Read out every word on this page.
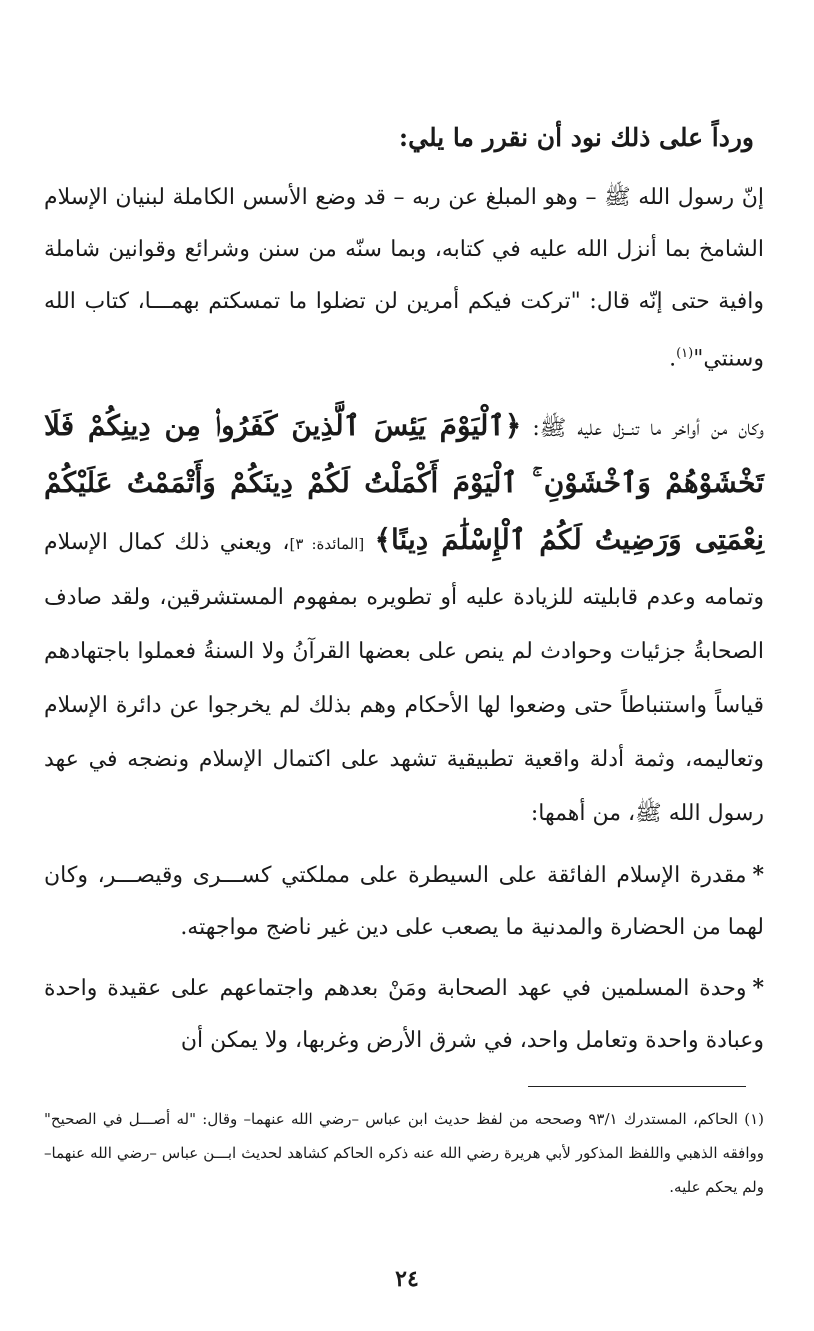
ورداً على ذلك نود أن نقرر ما يلي:

إنّ رسول الله ﷺ – وهو المبلغ عن ربه – قد وضع الأسس الكاملة لبنيان الإسلام الشامخ بما أنزل الله عليه في كتابه، وبما سنّه من سنن وشرائع وقوانين شاملة وافية حتى إنّه قال: "تركت فيكم أمرين لن تضلوا ما تمسكتم بهمـــا، كتاب الله وسنتي"$^{(١)}$.

وكان من أواخر ما تنــزل عليه ﷺ: ﴿ٱلْيَوْمَ يَئِسَ ٱلَّذِينَ كَفَرُوا۟ مِن دِينِكُمْ فَلَا تَخْشَوْهُمْ وَٱخْشَوْنِ ۚ ٱلْيَوْمَ أَكْمَلْتُ لَكُمْ دِينَكُمْ وَأَتْمَمْتُ عَلَيْكُمْ نِعْمَتِى وَرَضِيتُ لَكُمُ ٱلْإِسْلَٰمَ دِينًا﴾ [المائدة: ٣]، ويعني ذلك كمال الإسلام وتمامه وعدم قابليته للزيادة عليه أو تطويره بمفهوم المستشرقين، ولقد صادف الصحابةُ جزئيات وحوادث لم ينص على بعضها القرآنُ ولا السنةُ فعملوا باجتهادهم قياساً واستنباطاً حتى وضعوا لها الأحكام وهم بذلك لم يخرجوا عن دائرة الإسلام وتعاليمه، وثمة أدلة واقعية تطبيقية تشهد على اكتمال الإسلام ونضجه في عهد رسول الله ﷺ، من أهمها:

*مقدرة الإسلام الفائقة على السيطرة على مملكتي كســـرى وقيصـــر، وكان لهما من الحضارة والمدنية ما يصعب على دين غير ناضج مواجهته.

*وحدة المسلمين في عهد الصحابة ومَنْ بعدهم واجتماعهم على عقيدة واحدة وعبادة واحدة وتعامل واحد، في شرق الأرض وغربها، ولا يمكن أن

(١) الحاكم، المستدرك ٩٣/١ وصححه من لفظ حديث ابن عباس –رضي الله عنهما– وقال: "له أصـــل في الصحيح" ووافقه الذهبي واللفظ المذكور لأبي هريرة رضي الله عنه ذكره الحاكم كشاهد لحديث ابـــن عباس –رضي الله عنهما– ولم يحكم عليه.
٢٤
